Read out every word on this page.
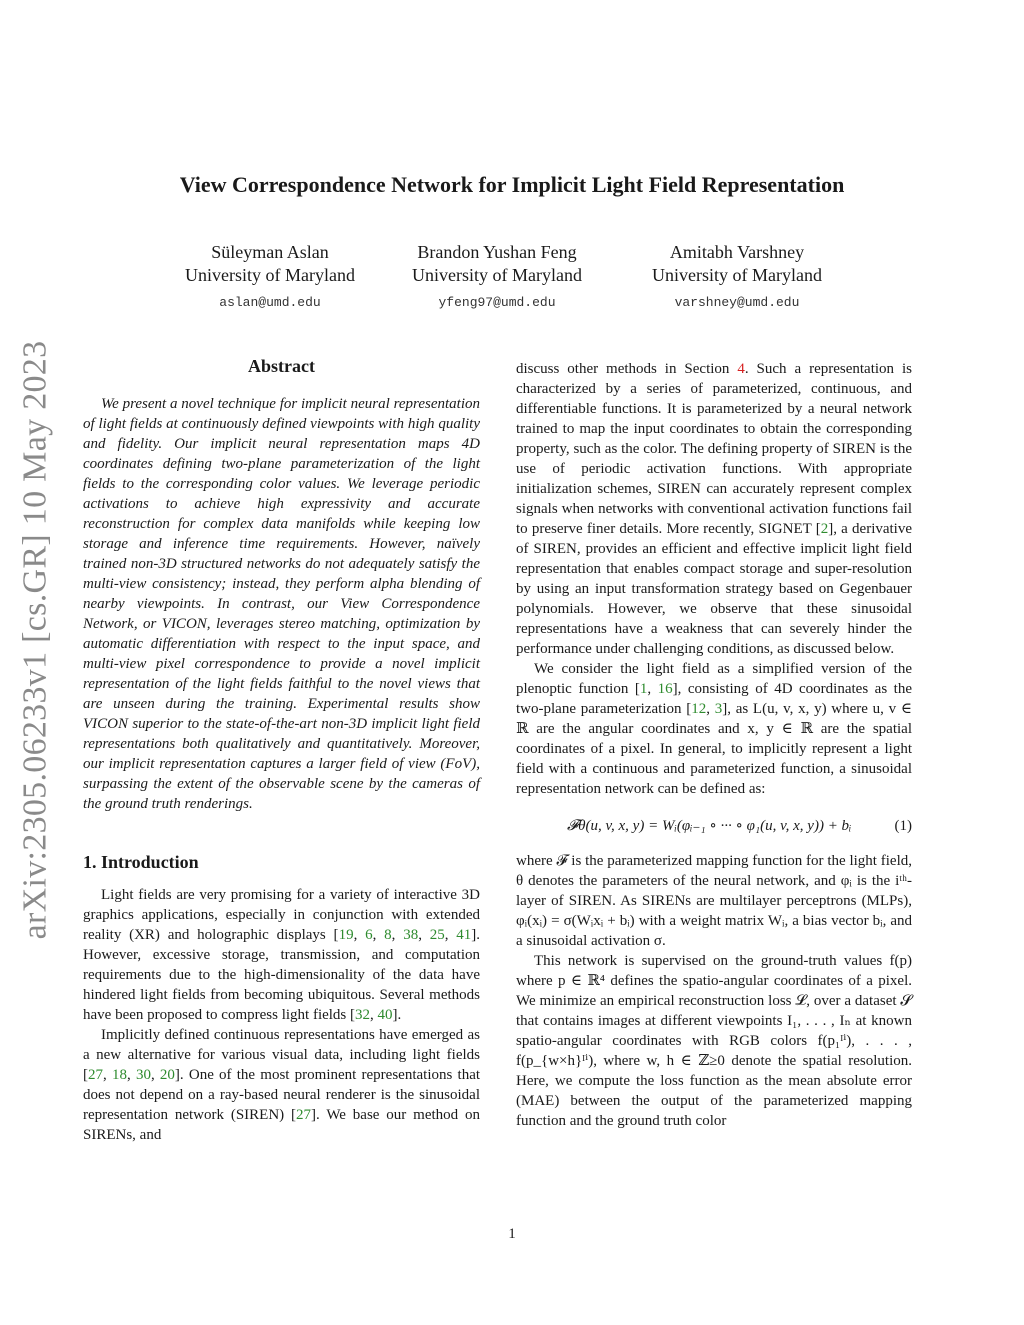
arXiv:2305.06233v1 [cs.GR] 10 May 2023
View Correspondence Network for Implicit Light Field Representation
Süleyman Aslan
University of Maryland
aslan@umd.edu
Brandon Yushan Feng
University of Maryland
yfeng97@umd.edu
Amitabh Varshney
University of Maryland
varshney@umd.edu
Abstract

We present a novel technique for implicit neural representation of light fields at continuously defined viewpoints with high quality and fidelity. Our implicit neural representation maps 4D coordinates defining two-plane parameterization of the light fields to the corresponding color values. We leverage periodic activations to achieve high expressivity and accurate reconstruction for complex data manifolds while keeping low storage and inference time requirements. However, naïvely trained non-3D structured networks do not adequately satisfy the multi-view consistency; instead, they perform alpha blending of nearby viewpoints. In contrast, our View Correspondence Network, or VICON, leverages stereo matching, optimization by automatic differentiation with respect to the input space, and multi-view pixel correspondence to provide a novel implicit representation of the light fields faithful to the novel views that are unseen during the training. Experimental results show VICON superior to the state-of-the-art non-3D implicit light field representations both qualitatively and quantitatively. Moreover, our implicit representation captures a larger field of view (FoV), surpassing the extent of the observable scene by the cameras of the ground truth renderings.

1. Introduction

Light fields are very promising for a variety of interactive 3D graphics applications, especially in conjunction with extended reality (XR) and holographic displays [19, 6, 8, 38, 25, 41]. However, excessive storage, transmission, and computation requirements due to the high-dimensionality of the data have hindered light fields from becoming ubiquitous. Several methods have been proposed to compress light fields [32, 40].

Implicitly defined continuous representations have emerged as a new alternative for various visual data, including light fields [27, 18, 30, 20]. One of the most prominent representations that does not depend on a ray-based neural renderer is the sinusoidal representation network (SIREN) [27]. We base our method on SIRENs, and

discuss other methods in Section 4. Such a representation is characterized by a series of parameterized, continuous, and differentiable functions. It is parameterized by a neural network trained to map the input coordinates to obtain the corresponding property, such as the color. The defining property of SIREN is the use of periodic activation functions. With appropriate initialization schemes, SIREN can accurately represent complex signals when networks with conventional activation functions fail to preserve finer details. More recently, SIGNET [2], a derivative of SIREN, provides an efficient and effective implicit light field representation that enables compact storage and super-resolution by using an input transformation strategy based on Gegenbauer polynomials. However, we observe that these sinusoidal representations have a weakness that can severely hinder the performance under challenging conditions, as discussed below.

We consider the light field as a simplified version of the plenoptic function [1, 16], consisting of 4D coordinates as the two-plane parameterization [12, 3], as L(u, v, x, y) where u, v ∈ ℝ are the angular coordinates and x, y ∈ ℝ are the spatial coordinates of a pixel. In general, to implicitly represent a light field with a continuous and parameterized function, a sinusoidal representation network can be defined as:

𝓕θ(u, v, x, y) = Wᵢ(φᵢ₋₁ ∘ ··· ∘ φ₁(u, v, x, y)) + bᵢ	(1)

where 𝓕 is the parameterized mapping function for the light field, θ denotes the parameters of the neural network, and φᵢ is the iᵗʰ-layer of SIREN. As SIRENs are multilayer perceptrons (MLPs), φᵢ(xᵢ) = σ(Wᵢxᵢ + bᵢ) with a weight matrix Wᵢ, a bias vector bᵢ, and a sinusoidal activation σ.

This network is supervised on the ground-truth values f(p) where p ∈ ℝ⁴ defines the spatio-angular coordinates of a pixel. We minimize an empirical reconstruction loss 𝓛, over a dataset 𝓢 that contains images at different viewpoints I₁, . . . , Iₙ at known spatio-angular coordinates with RGB colors f(p₁ᴵⁱ), . . . , f(p_{w×h}ᴵⁱ), where w, h ∈ ℤ≥0 denote the spatial resolution. Here, we compute the loss function as the mean absolute error (MAE) between the output of the parameterized mapping function and the ground truth color

1
